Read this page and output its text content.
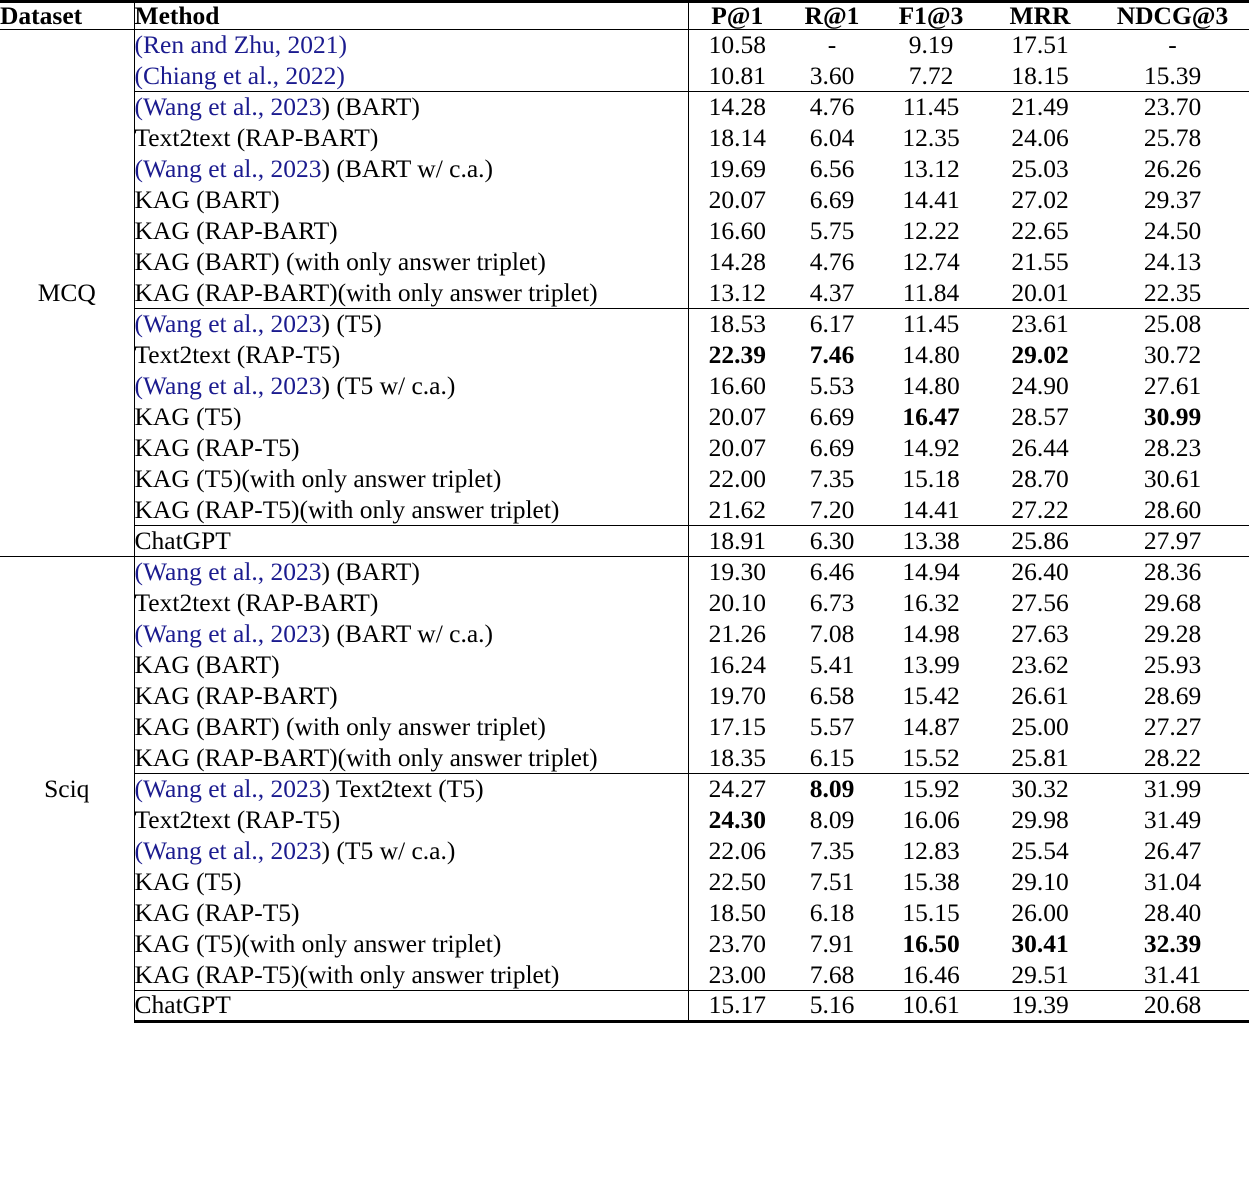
Dataset	Method	P@1	R@1	F1@3	MRR	NDCG@3
MCQ	(Ren and Zhu, 2021)	10.58	-	9.19	17.51	-
	(Chiang et al., 2022)	10.81	3.60	7.72	18.15	15.39
	(Wang et al., 2023) (BART)	14.28	4.76	11.45	21.49	23.70
	Text2text (RAP-BART)	18.14	6.04	12.35	24.06	25.78
	(Wang et al., 2023) (BART w/ c.a.)	19.69	6.56	13.12	25.03	26.26
	KAG (BART)	20.07	6.69	14.41	27.02	29.37
	KAG (RAP-BART)	16.60	5.75	12.22	22.65	24.50
	KAG (BART) (with only answer triplet)	14.28	4.76	12.74	21.55	24.13
	KAG (RAP-BART)(with only answer triplet)	13.12	4.37	11.84	20.01	22.35
	(Wang et al., 2023) (T5)	18.53	6.17	11.45	23.61	25.08
	Text2text (RAP-T5)	22.39	7.46	14.80	29.02	30.72
	(Wang et al., 2023) (T5 w/ c.a.)	16.60	5.53	14.80	24.90	27.61
	KAG (T5)	20.07	6.69	16.47	28.57	30.99
	KAG (RAP-T5)	20.07	6.69	14.92	26.44	28.23
	KAG (T5)(with only answer triplet)	22.00	7.35	15.18	28.70	30.61
	KAG (RAP-T5)(with only answer triplet)	21.62	7.20	14.41	27.22	28.60
	ChatGPT	18.91	6.30	13.38	25.86	27.97
Sciq	(Wang et al., 2023) (BART)	19.30	6.46	14.94	26.40	28.36
	Text2text (RAP-BART)	20.10	6.73	16.32	27.56	29.68
	(Wang et al., 2023) (BART w/ c.a.)	21.26	7.08	14.98	27.63	29.28
	KAG (BART)	16.24	5.41	13.99	23.62	25.93
	KAG (RAP-BART)	19.70	6.58	15.42	26.61	28.69
	KAG (BART) (with only answer triplet)	17.15	5.57	14.87	25.00	27.27
	KAG (RAP-BART)(with only answer triplet)	18.35	6.15	15.52	25.81	28.22
	(Wang et al., 2023) Text2text (T5)	24.27	8.09	15.92	30.32	31.99
	Text2text (RAP-T5)	24.30	8.09	16.06	29.98	31.49
	(Wang et al., 2023) (T5 w/ c.a.)	22.06	7.35	12.83	25.54	26.47
	KAG (T5)	22.50	7.51	15.38	29.10	31.04
	KAG (RAP-T5)	18.50	6.18	15.15	26.00	28.40
	KAG (T5)(with only answer triplet)	23.70	7.91	16.50	30.41	32.39
	KAG (RAP-T5)(with only answer triplet)	23.00	7.68	16.46	29.51	31.41
	ChatGPT	15.17	5.16	10.61	19.39	20.68
